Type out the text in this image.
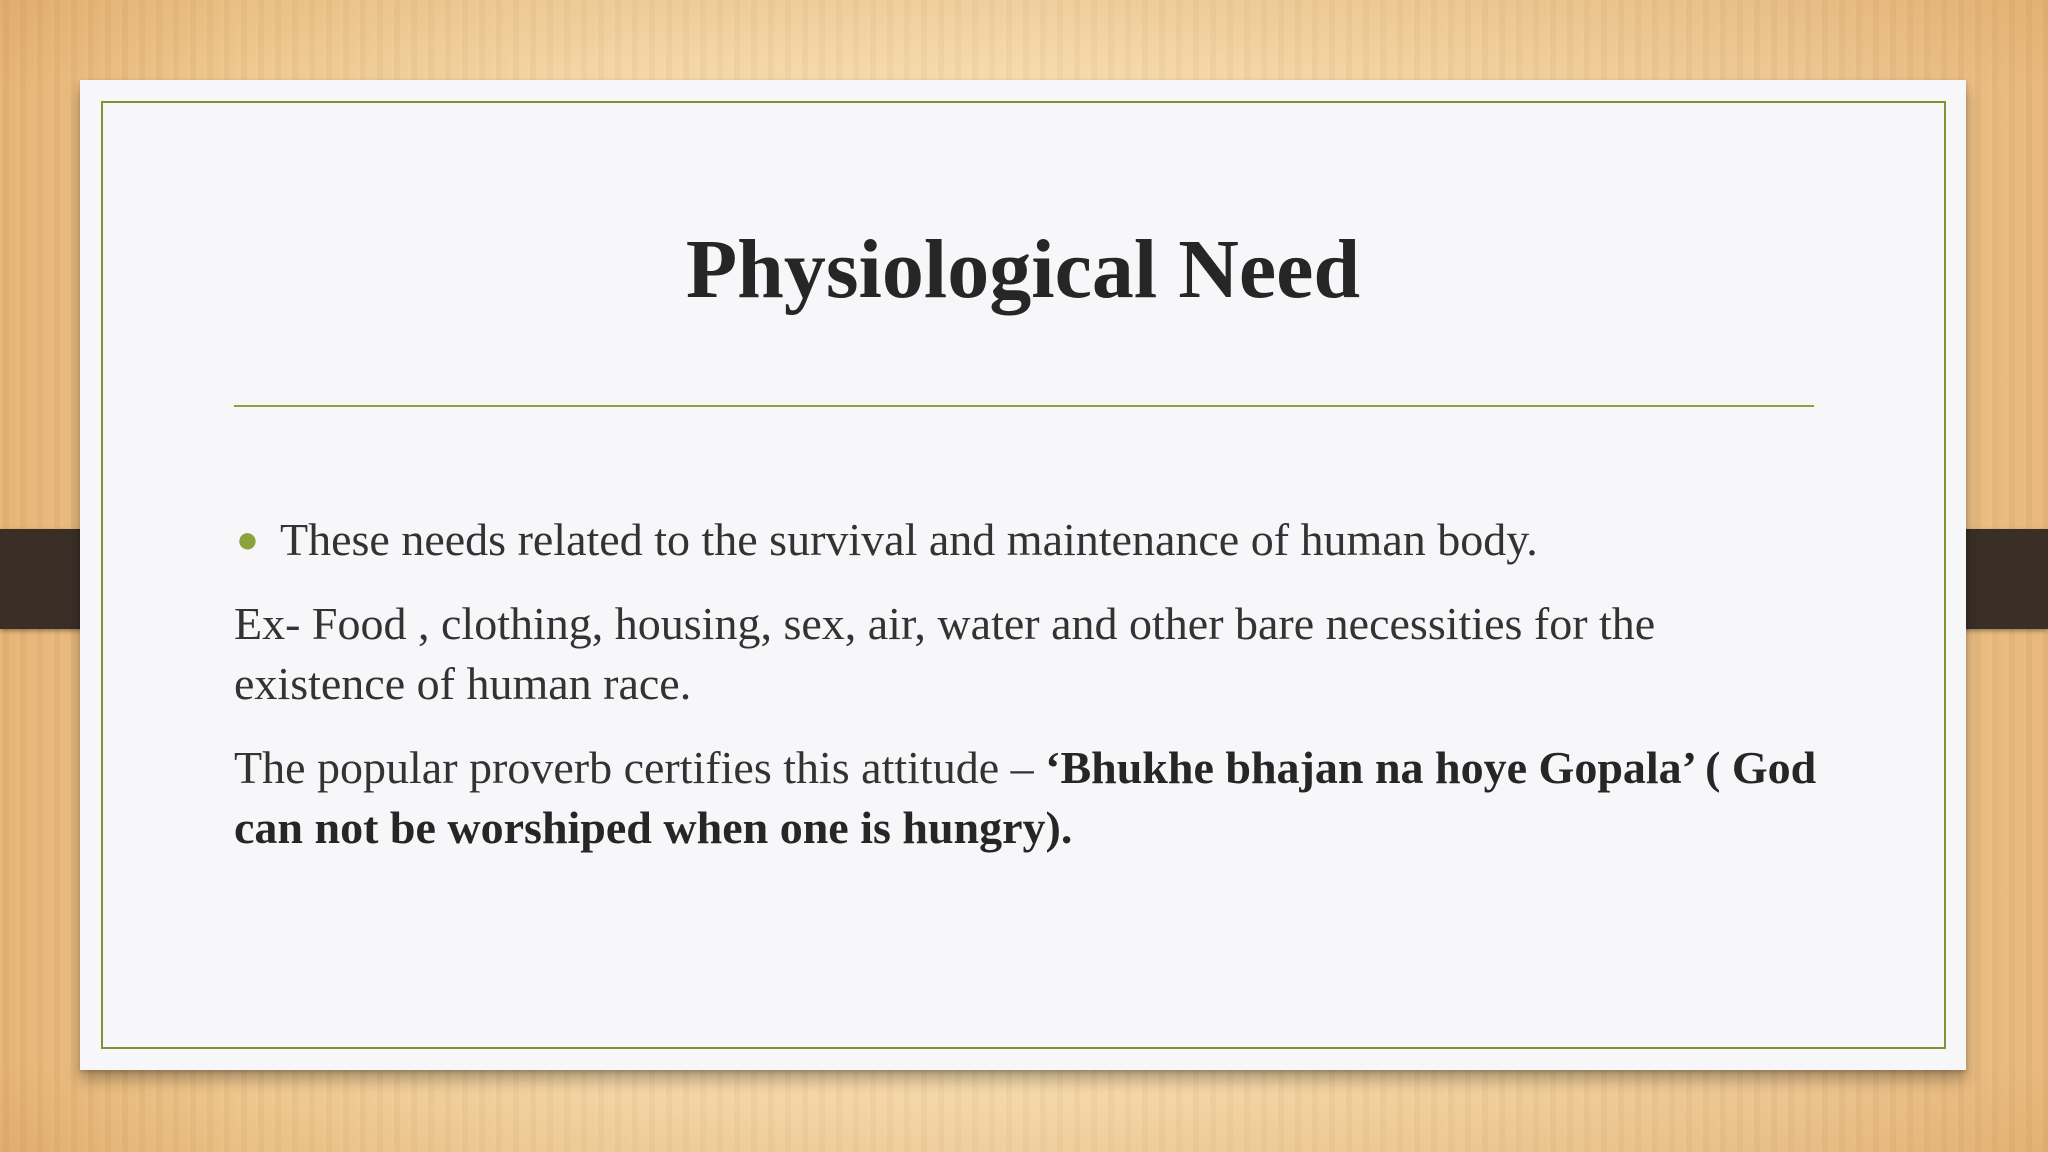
Physiological Need
● These needs related to the survival and maintenance of human body.

Ex- Food , clothing, housing, sex, air, water and other bare necessities for the existence of human race.

The popular proverb certifies this attitude – ‘Bhukhe bhajan na hoye Gopala’ ( God can not be worshiped when one is hungry).
